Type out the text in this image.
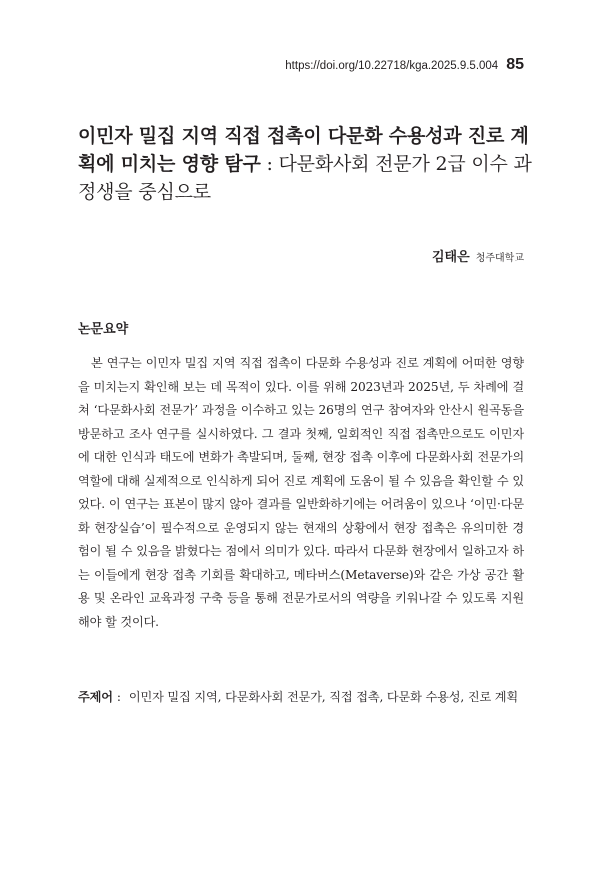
https://doi.org/10.22718/kga.2025.9.5.004 85
이민자 밀집 지역 직접 접촉이 다문화 수용성과 진로 계획에 미치는 영향 탐구 : 다문화사회 전문가 2급 이수 과정생을 중심으로
김태은 청주대학교
논문요약

본 연구는 이민자 밀집 지역 직접 접촉이 다문화 수용성과 진로 계획에 어떠한 영향을 미치는지 확인해 보는 데 목적이 있다. 이를 위해 2023년과 2025년, 두 차례에 걸쳐 ‘다문화사회 전문가’ 과정을 이수하고 있는 26명의 연구 참여자와 안산시 원곡동을 방문하고 조사 연구를 실시하였다. 그 결과 첫째, 일회적인 직접 접촉만으로도 이민자에 대한 인식과 태도에 변화가 촉발되며, 둘째, 현장 접촉 이후에 다문화사회 전문가의 역할에 대해 실제적으로 인식하게 되어 진로 계획에 도움이 될 수 있음을 확인할 수 있었다. 이 연구는 표본이 많지 않아 결과를 일반화하기에는 어려움이 있으나 ‘이민·다문화 현장실습’이 필수적으로 운영되지 않는 현재의 상황에서 현장 접촉은 유의미한 경험이 될 수 있음을 밝혔다는 점에서 의미가 있다. 따라서 다문화 현장에서 일하고자 하는 이들에게 현장 접촉 기회를 확대하고, 메타버스(Metaverse)와 같은 가상 공간 활용 및 온라인 교육과정 구축 등을 통해 전문가로서의 역량을 키워나갈 수 있도록 지원해야 할 것이다.

주제어 : 이민자 밀집 지역, 다문화사회 전문가, 직접 접촉, 다문화 수용성, 진로 계획
